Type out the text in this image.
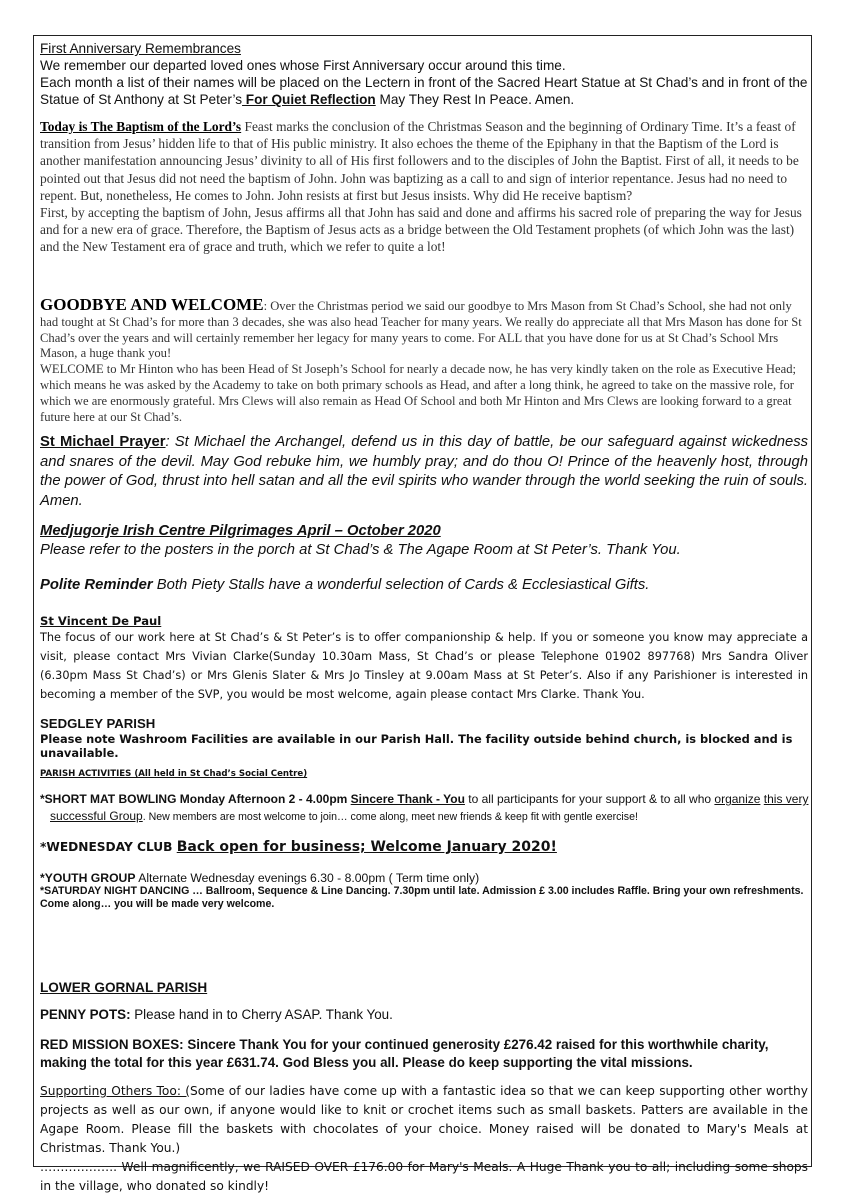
First Anniversary Remembrances

We remember our departed loved ones whose First Anniversary occur around this time.

Each month a list of their names will be placed on the Lectern in front of the Sacred Heart Statue at St Chad’s and in front of the Statue of St Anthony at St Peter’s For Quiet Reflection May They Rest In Peace. Amen.

Today is The Baptism of the Lord’s Feast marks the conclusion of the Christmas Season and the beginning of Ordinary Time. It’s a feast of transition from Jesus’ hidden life to that of His public ministry. It also echoes the theme of the Epiphany in that the Baptism of the Lord is another manifestation announcing Jesus’ divinity to all of His first followers and to the disciples of John the Baptist. First of all, it needs to be pointed out that Jesus did not need the baptism of John. John was baptizing as a call to and sign of interior repentance. Jesus had no need to repent. But, nonetheless, He comes to John. John resists at first but Jesus insists. Why did He receive baptism?

First, by accepting the baptism of John, Jesus affirms all that John has said and done and affirms his sacred role of preparing the way for Jesus and for a new era of grace. Therefore, the Baptism of Jesus acts as a bridge between the Old Testament prophets (of which John was the last) and the New Testament era of grace and truth, which we refer to quite a lot!

GOODBYE AND WELCOME: Over the Christmas period we said our goodbye to Mrs Mason from St Chad’s School, she had not only had tought at St Chad’s for more than 3 decades, she was also head Teacher for many years. We really do appreciate all that Mrs Mason has done for St Chad’s over the years and will certainly remember her legacy for many years to come. For ALL that you have done for us at St Chad’s School Mrs Mason, a huge thank you!

WELCOME to Mr Hinton who has been Head of St Joseph’s School for nearly a decade now, he has very kindly taken on the role as Executive Head; which means he was asked by the Academy to take on both primary schools as Head, and after a long think, he agreed to take on the massive role, for which we are enormously grateful. Mrs Clews will also remain as Head Of School and both Mr Hinton and Mrs Clews are looking forward to a great future here at our St Chad’s.

St Michael Prayer: St Michael the Archangel, defend us in this day of battle, be our safeguard against wickedness and snares of the devil. May God rebuke him, we humbly pray; and do thou O! Prince of the heavenly host, through the power of God, thrust into hell satan and all the evil spirits who wander through the world seeking the ruin of souls. Amen.

Medjugorje Irish Centre Pilgrimages April – October 2020

Please refer to the posters in the porch at St Chad’s & The Agape Room at St Peter’s. Thank You.

Polite Reminder Both Piety Stalls have a wonderful selection of Cards & Ecclesiastical Gifts.

St Vincent De Paul

The focus of our work here at St Chad’s & St Peter’s is to offer companionship & help. If you or someone you know may appreciate a visit, please contact Mrs Vivian Clarke(Sunday 10.30am Mass, St Chad’s or please Telephone 01902 897768) Mrs Sandra Oliver (6.30pm Mass St Chad’s) or Mrs Glenis Slater & Mrs Jo Tinsley at 9.00am Mass at St Peter’s. Also if any Parishioner is interested in becoming a member of the SVP, you would be most welcome, again please contact Mrs Clarke. Thank You.

SEDGLEY PARISH

Please note Washroom Facilities are available in our Parish Hall. The facility outside behind church, is blocked and is unavailable.

PARISH ACTIVITIES (All held in St Chad’s Social Centre)

*SHORT MAT BOWLING Monday Afternoon 2 - 4.00pm Sincere Thank - You to all participants for your support & to all who organize this very   successful Group. New members are most welcome to join… come along, meet new friends & keep fit with gentle exercise!

*WEDNESDAY CLUB Back open for business; Welcome January 2020!

*YOUTH GROUP Alternate Wednesday evenings 6.30 - 8.00pm ( Term time only)

*SATURDAY NIGHT DANCING … Ballroom, Sequence & Line Dancing. 7.30pm until late. Admission £ 3.00 includes Raffle. Bring your own refreshments. Come along… you will be made very welcome.

LOWER GORNAL PARISH

PENNY POTS: Please hand in to Cherry ASAP. Thank You.

RED MISSION BOXES: Sincere Thank You for your continued generosity £276.42 raised for this worthwhile charity, making the total for this year £631.74. God Bless you all. Please do keep supporting the vital missions.

Supporting Others Too: (Some of our ladies have come up with a fantastic idea so that we can keep supporting other worthy projects as well as our own, if anyone would like to knit or crochet items such as small baskets. Patters are available in the Agape Room. Please fill the baskets with chocolates of your choice. Money raised will be donated to Mary's Meals at Christmas. Thank You.)

………………. Well magnificently, we RAISED OVER £176.00 for Mary's Meals. A Huge Thank you to all; including some shops in the village, who donated so kindly!
